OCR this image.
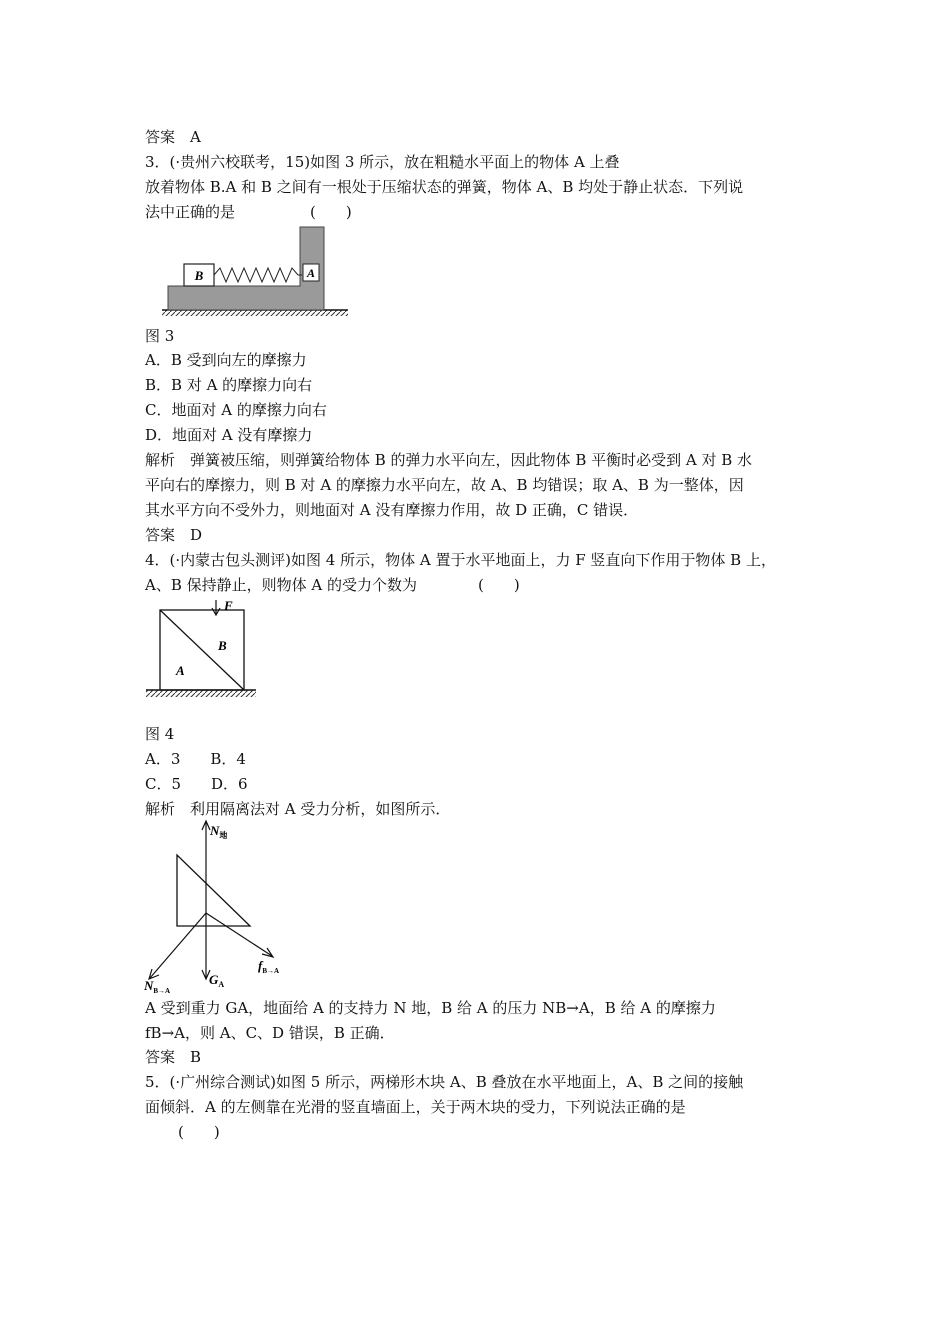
答案　A
3．(·贵州六校联考，15)如图 3 所示，放在粗糙水平面上的物体 A 上叠
放着物体 B.A 和 B 之间有一根处于压缩状态的弹簧，物体 A、B 均处于静止状态．下列说
法中正确的是	(　　)
B	A
图 3
A．B 受到向左的摩擦力
B．B 对 A 的摩擦力向右
C．地面对 A 的摩擦力向右
D．地面对 A 没有摩擦力
解析　弹簧被压缩，则弹簧给物体 B 的弹力水平向左，因此物体 B 平衡时必受到 A 对 B 水
平向右的摩擦力，则 B 对 A 的摩擦力水平向左，故 A、B 均错误；取 A、B 为一整体，因
其水平方向不受外力，则地面对 A 没有摩擦力作用，故 D 正确，C 错误．
答案　D
4．(·内蒙古包头测评)如图 4 所示，物体 A 置于水平地面上，力 F 竖直向下作用于物体 B 上，
A、B 保持静止，则物体 A 的受力个数为	(　　)
F
B
A
图 4
A．3　　B．4
C．5　　D．6
解析　利用隔离法对 A 受力分析，如图所示．
$N_地$
$N_{B\to A}$
$f_{B\to A}$
$G_A$
A 受到重力 GA，地面给 A 的支持力 N 地，B 给 A 的压力 NB→A，B 给 A 的摩擦力
fB→A，则 A、C、D 错误，B 正确．
答案　B
5．(·广州综合测试)如图 5 所示，两梯形木块 A、B 叠放在水平地面上，A、B 之间的接触
面倾斜．A 的左侧靠在光滑的竖直墙面上，关于两木块的受力，下列说法正确的是
(　　)
